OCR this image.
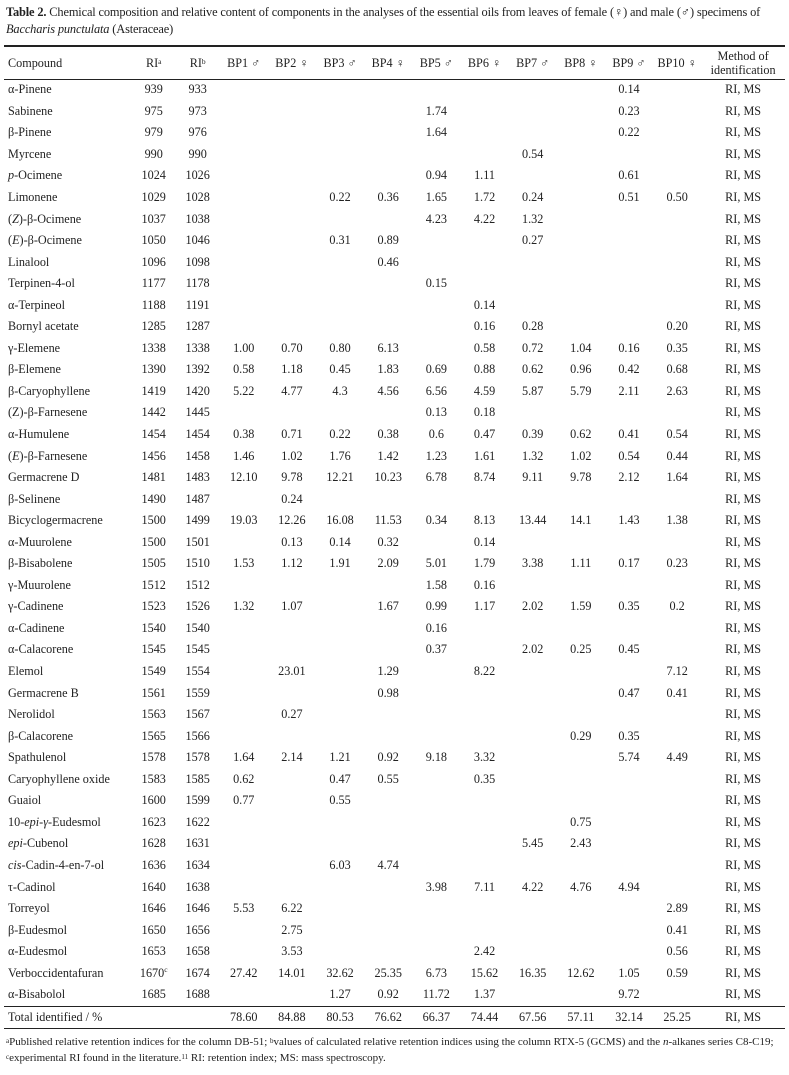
Table 2. Chemical composition and relative content of components in the analyses of the essential oils from leaves of female (♀) and male (♂) specimens of Baccharis punctulata (Asteraceae)
Compound	$RI^a$	$RI^b$	BP1 ♂	BP2 ♀	BP3 ♂	BP4 ♀	BP5 ♂	BP6 ♀	BP7 ♂	BP8 ♀	BP9 ♂	BP10 ♀	Method of
identification
α-Pinene	939	933									0.14		RI, MS
Sabinene	975	973					1.74				0.23		RI, MS
β-Pinene	979	976					1.64				0.22		RI, MS
Myrcene	990	990							0.54				RI, MS
p-Ocimene	1024	1026					0.94	1.11			0.61		RI, MS
Limonene	1029	1028			0.22	0.36	1.65	1.72	0.24		0.51	0.50	RI, MS
(Z)-β-Ocimene	1037	1038					4.23	4.22	1.32				RI, MS
(E)-β-Ocimene	1050	1046			0.31	0.89			0.27				RI, MS
Linalool	1096	1098				0.46							RI, MS
Terpinen-4-ol	1177	1178					0.15						RI, MS
α-Terpineol	1188	1191						0.14					RI, MS
Bornyl acetate	1285	1287						0.16	0.28			0.20	RI, MS
γ-Elemene	1338	1338	1.00	0.70	0.80	6.13		0.58	0.72	1.04	0.16	0.35	RI, MS
β-Elemene	1390	1392	0.58	1.18	0.45	1.83	0.69	0.88	0.62	0.96	0.42	0.68	RI, MS
β-Caryophyllene	1419	1420	5.22	4.77	4.3	4.56	6.56	4.59	5.87	5.79	2.11	2.63	RI, MS
(Z)-β-Farnesene	1442	1445					0.13	0.18					RI, MS
α-Humulene	1454	1454	0.38	0.71	0.22	0.38	0.6	0.47	0.39	0.62	0.41	0.54	RI, MS
(E)-β-Farnesene	1456	1458	1.46	1.02	1.76	1.42	1.23	1.61	1.32	1.02	0.54	0.44	RI, MS
Germacrene D	1481	1483	12.10	9.78	12.21	10.23	6.78	8.74	9.11	9.78	2.12	1.64	RI, MS
β-Selinene	1490	1487		0.24									RI, MS
Bicyclogermacrene	1500	1499	19.03	12.26	16.08	11.53	0.34	8.13	13.44	14.1	1.43	1.38	RI, MS
α-Muurolene	1500	1501		0.13	0.14	0.32		0.14					RI, MS
β-Bisabolene	1505	1510	1.53	1.12	1.91	2.09	5.01	1.79	3.38	1.11	0.17	0.23	RI, MS
γ-Muurolene	1512	1512					1.58	0.16					RI, MS
γ-Cadinene	1523	1526	1.32	1.07		1.67	0.99	1.17	2.02	1.59	0.35	0.2	RI, MS
α-Cadinene	1540	1540					0.16						RI, MS
α-Calacorene	1545	1545					0.37		2.02	0.25	0.45		RI, MS
Elemol	1549	1554		23.01		1.29		8.22				7.12	RI, MS
Germacrene B	1561	1559				0.98					0.47	0.41	RI, MS
Nerolidol	1563	1567		0.27									RI, MS
β-Calacorene	1565	1566								0.29	0.35		RI, MS
Spathulenol	1578	1578	1.64	2.14	1.21	0.92	9.18	3.32			5.74	4.49	RI, MS
Caryophyllene oxide	1583	1585	0.62		0.47	0.55		0.35					RI, MS
Guaiol	1600	1599	0.77		0.55								RI, MS
10-epi-γ-Eudesmol	1623	1622								0.75			RI, MS
epi-Cubenol	1628	1631							5.45	2.43			RI, MS
cis-Cadin-4-en-7-ol	1636	1634			6.03	4.74							RI, MS
τ-Cadinol	1640	1638					3.98	7.11	4.22	4.76	4.94		RI, MS
Torreyol	1646	1646	5.53	6.22								2.89	RI, MS
β-Eudesmol	1650	1656		2.75								0.41	RI, MS
α-Eudesmol	1653	1658		3.53				2.42				0.56	RI, MS
Verboccidentafuran	1670$^c$	1674	27.42	14.01	32.62	25.35	6.73	15.62	16.35	12.62	1.05	0.59	RI, MS
α-Bisabolol	1685	1688			1.27	0.92	11.72	1.37			9.72		RI, MS
Total identified / %			78.60	84.88	80.53	76.62	66.37	74.44	67.56	57.11	32.14	25.25	RI, MS
$^a$Published relative retention indices for the column DB-51; $^b$values of calculated relative retention indices using the column RTX-5 (GCMS) and the n-alkanes series C8-C19; $^c$experimental RI found in the literature.$^{11}$ RI: retention index; MS: mass spectroscopy.
